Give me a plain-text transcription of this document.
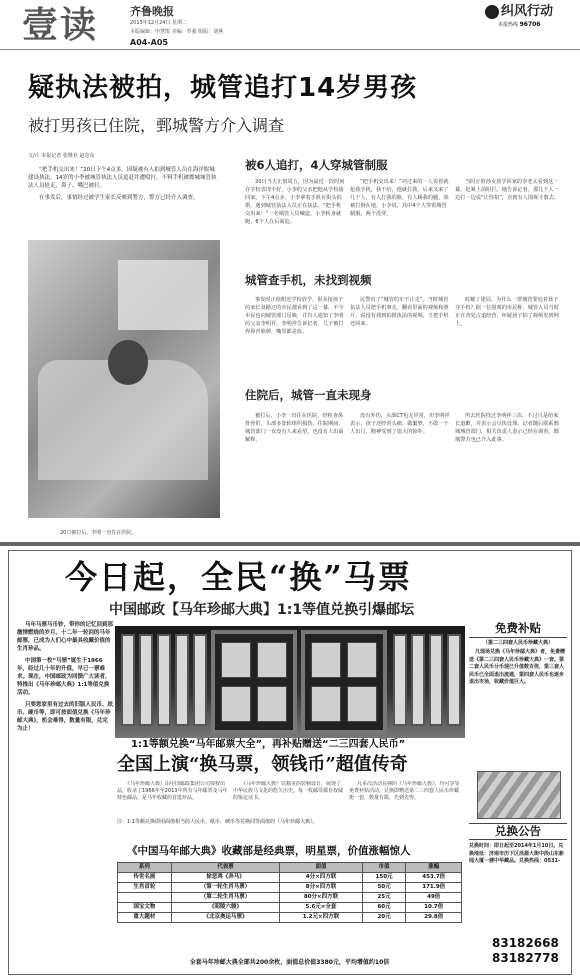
壹读	齐鲁晚报
2013年12月24日 星期二
本版编辑：申慧凯 美编：罗强 组版：刘燕
A04-A05
纠风行动
本报热线 96706
疑执法被拍，城管追打14岁男孩
被打男孩已住院，鄄城警方介入调查
文/片 本报记者 张继业 赵念东

“把手机交出来！”20日下午4点多，因疑被有人拍到城管人员在海洋娱城建设执法，14岁的小李被城管执法人员追赶并遭殴打。不料手机被鄄城城管执法人员抢走，鼻子、嘴巴被打。

在事发后，事情经过被学生家长反映到警方，警方已经介入调查。

20日被打后，李明一直住在医院。
被6人追打，4人穿城管制服

20日当天正值周五，因为最近一段时间在学校表现不好，小李的父亲把他从学校接回家。下午4点多，小李拿着手机在街头拍摄，遇到城管执法人员正在执法。“把手机交出来！”一名城管人员喊道。小李转身就跑，6个人在后面追。

“把手机交出来！”冲过来的一人说着就抢我手机，我不给，他就打我。后来又来了几个人，有人打我的脸，有人踢我的腿，我被打倒在地。小李说，其中4个人穿着城管制服，两个没穿。

当时正值孙女放学回家的李老太看到这一幕，赶紧上前阻拦。她告诉记者，那几个人一边打一边说“让你拍”，直到有人围观才散去。

城管查手机，未找到视频

事发时正值附近学校放学，很多接孩子的家长及路过的市民都看到了这一幕。不少市民也向城管部门反映，并有人通知了李明的父亲李明祥。李明祥告诉记者，儿子被打得鼻青脸肿，嘴里都是血。

民警出了“城管的车不让走”。当时城管执法人员把手机拿走，翻看里面的视频和照片，说没有找到拍摄执法的视频，才把手机还回来。

时解了迷局。为什么一帮城管要追着孩子夺手机？据一位围观的市民称，城管人员当时正在查处占道经营，怀疑孩子拍了视频发到网上。

住院后，城管一直未现身

被打后，小李一直住在医院，经检查鼻骨骨折，头部多处软组织损伤。住院期间，城管部门一直没有人来看望，也没有人出面解释。

没有外伤，头部CT也无异常，但李明祥表示，孩子还经常头痛、做噩梦，不敢一个人出门，精神受到了很大的惊吓。

所去医院找过李明祥三次，不过只是给家长道歉，并表示会尽快处理。记者随后联系鄄城城管部门，相关负责人表示已经在调查，鄄城警方也已介入此事。

今日起，全民“换”马票
中国邮政【马年珍邮大典】1:1等值兑换引爆邮坛

马年马票马币钞，带你的记忆回到那激情燃烧的岁月。十二年一轮回的马年邮票，已成为人们心中最具收藏价值的生肖珍品。

中国第一枚“马票”诞生于1966年，经过几十年的升值，早已一票难求。现在，中国邮政为回馈广大读者，特推出《马年珍邮大典》1:1等值兑换活动。

只要您家里有过去的旧版人民币、纸币、硬币等，即可按面值兑换《马年珍邮大典》，机会难得，数量有限，兑完为止！

1:1等额兑换“马年邮票大全”，再补贴赠送“二三四套人民币”
全国上演“换马票，领钱币”超值传奇

《马年珍邮大典》由中国邮政集团公司授权出品，收录了1966年至2013年所有马年邮票及马年特色邮品，是马年收藏的首选珍品。

《马年珍邮大典》以精美的装帧设计，展现了中华民族马文化的悠久历史，每一枚邮票都有权威的鉴定证书。

凡本次活动兑换的《马年珍邮大典》，均可享受免费补贴活动，兑换即赠送第二三四套人民币珍藏册一套，数量有限，先到先得。

注：1:1等额兑换即用面值相当的人民币、纸币、硬币等兑换同等面值的《马年珍邮大典》。
《中国马年邮大典》收藏部是经典票，明星票，价值涨幅惊人
系列	代表票	面值	市值	涨幅
传世名画	徐悲鸿《奔马》	4分×四方联	150元	453.7倍
生肖首轮	（第一轮生肖马票）	8分×四方联	50元	171.9倍
	（第二轮生肖马票）	80分×四方联	25元	49倍
国宝文物	《昭陵六骏》	5.6元×全套	60元	10.7倍
重大题材	《北京奥运马票》	1.2元×四方联	20元	29.8倍
全套马年珍邮大典全部共200余枚，面值总价值3380元，平均增值约10倍
免费补贴
（第二三四套人民币珍藏大典）
凡现场兑换《马年珍邮大典》者，免费赠送《第二三四套人民币珍藏大典》一套。第二套人民币分币现已升值数百倍，第三套人民币已全面退出流通，第四套人民币也逐步退出市场，收藏价值巨大。
兑换公告
兑换时间：即日起至2014年1月10日。兑换地址：济南市历下区泺源大街中段山东新闻大厦一楼中华藏品。兑换热线：0531-
83182668
83182778
